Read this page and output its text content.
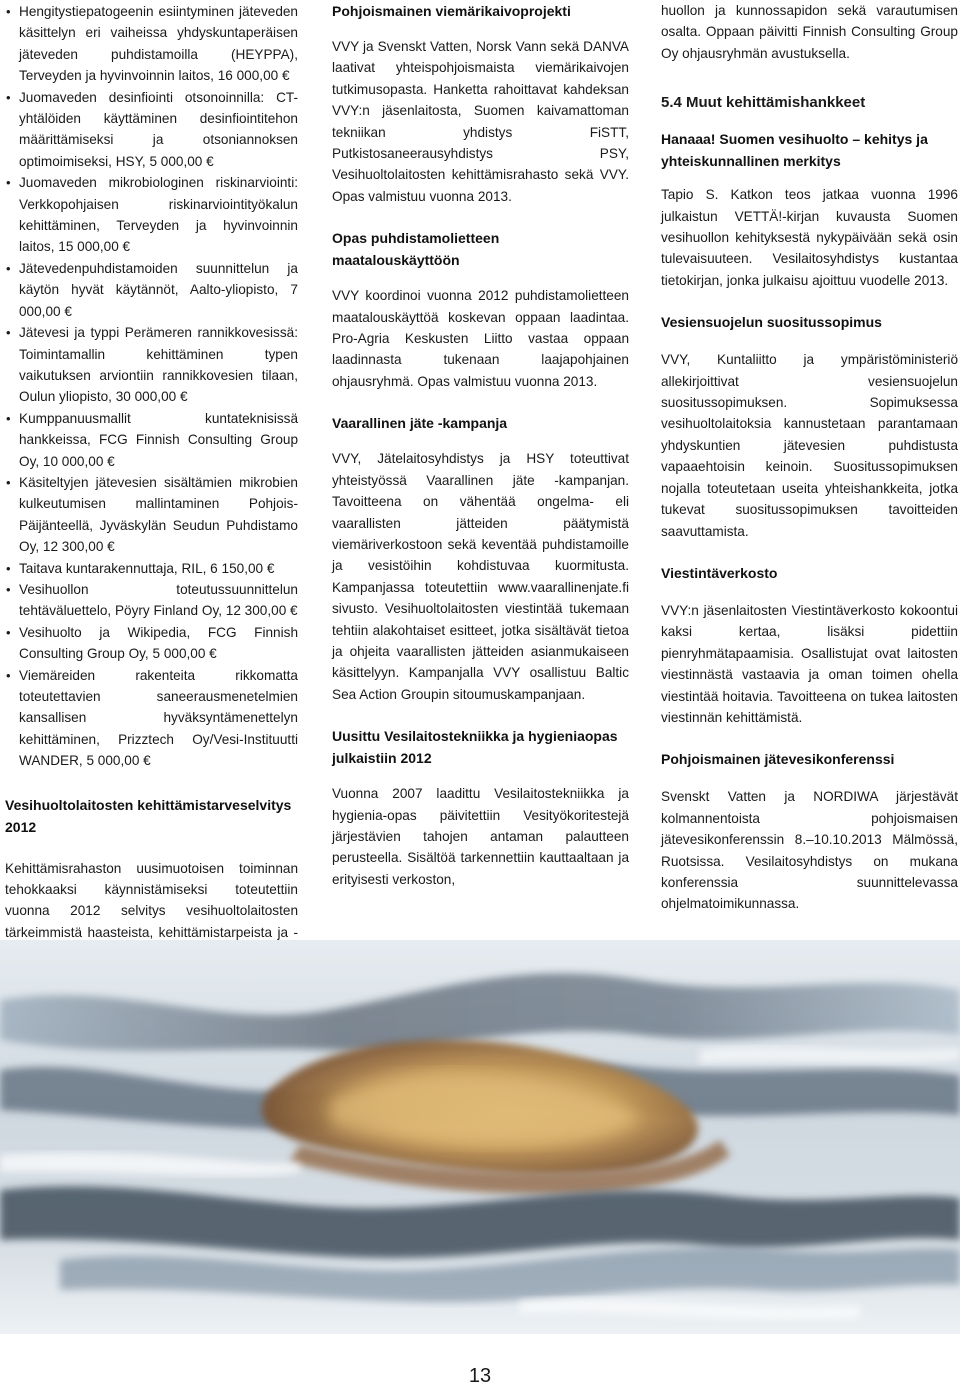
• Hengitystiepatogeenin esiintyminen jäteveden käsittelyn eri vaiheissa yhdyskuntaperäisen jäteveden puhdistamoilla (HEYPPA), Terveyden ja hyvinvoinnin laitos, 16 000,00 €
• Juomaveden desinfiointi otsonoinnilla: CT-yhtälöiden käyttäminen desinfiointitehon määrittämiseksi ja otsoniannoksen optimoimiseksi, HSY, 5 000,00 €
• Juomaveden mikrobiologinen riskinarviointi: Verkkopohjaisen riskinarviointityökalun kehittäminen, Terveyden ja hyvinvoinnin laitos, 15 000,00 €
• Jätevedenpuhdistamoiden suunnittelun ja käytön hyvät käytännöt, Aalto-yliopisto, 7 000,00 €
• Jätevesi ja typpi Perämeren rannikkovesissä: Toimintamallin kehittäminen typen vaikutuksen arviontiin rannikkovesien tilaan, Oulun yliopisto, 30 000,00 €
• Kumppanuusmallit kuntateknisissä hankkeissa, FCG Finnish Consulting Group Oy, 10 000,00 €
• Käsiteltyjen jätevesien sisältämien mikrobien kulkeutumisen mallintaminen Pohjois-Päijänteellä, Jyväskylän Seudun Puhdistamo Oy, 12 300,00 €
• Taitava kuntarakennuttaja, RIL, 6 150,00 €
• Vesihuollon toteutussuunnittelun tehtäväluettelo, Pöyry Finland Oy, 12 300,00 €
• Vesihuolto ja Wikipedia, FCG Finnish Consulting Group Oy, 5 000,00 €
• Viemäreiden rakenteita rikkomatta toteutettavien saneerausmenetelmien kansallisen hyväksyntämenettelyn kehittäminen, Prizztech Oy/Vesi-Instituutti WANDER, 5 000,00 €
Vesihuoltolaitosten kehittämistarveselvitys 2012

Kehittämisrahaston uusimuotoisen toiminnan tehokkaaksi käynnistämiseksi toteutettiin vuonna 2012 selvitys vesihuoltolaitosten tärkeimmistä haasteista, kehittämistarpeista ja -

Pohjoismainen viemärikaivoprojekti

VVY ja Svenskt Vatten, Norsk Vann sekä DANVA laativat yhteispohjoismaista viemärikaivojen tutkimusopasta. Hanketta rahoittavat kahdeksan VVY:n jäsenlaitosta, Suomen kaivamattoman tekniikan yhdistys FiSTT, Putkistosaneerausyhdistys PSY, Vesihuoltolaitosten kehittämisrahasto sekä VVY. Opas valmistuu vuonna 2013.

Opas puhdistamolietteen maatalouskäyttöön

VVY koordinoi vuonna 2012 puhdistamolietteen maatalouskäyttöä koskevan oppaan laadintaa. Pro-Agria Keskusten Liitto vastaa oppaan laadinnasta tukenaan laajapohjainen ohjausryhmä. Opas valmistuu vuonna 2013.

Vaarallinen jäte -kampanja

VVY, Jätelaitosyhdistys ja HSY toteuttivat yhteistyössä Vaarallinen jäte -kampanjan. Tavoitteena on vähentää ongelma- eli vaarallisten jätteiden päätymistä viemäriverkostoon sekä keventää puhdistamoille ja vesistöihin kohdistuvaa kuormitusta. Kampanjassa toteutettiin www.vaarallinenjate.fi sivusto. Vesihuoltolaitosten viestintää tukemaan tehtiin alakohtaiset esitteet, jotka sisältävät tietoa ja ohjeita vaarallisten jätteiden asianmukaiseen käsittelyyn. Kampanjalla VVY osallistuu Baltic Sea Action Groupin sitoumuskampanjaan.

Uusittu Vesilaitostekniikka ja hygieniaopas julkaistiin 2012

Vuonna 2007 laadittu Vesilaitostekniikka ja hygienia-opas päivitettiin Vesityökoritestejä järjestävien tahojen antaman palautteen perusteella. Sisältöä tarkennettiin kauttaaltaan ja erityisesti verkoston,

huollon ja kunnossapidon sekä varautumisen osalta. Oppaan päivitti Finnish Consulting Group Oy ohjausryhmän avustuksella.

5.4 Muut kehittämishankkeet
Hanaaa! Suomen vesihuolto – kehitys ja yhteiskunnallinen merkitys

Tapio S. Katkon teos jatkaa vuonna 1996 julkaistun VETTÄ!-kirjan kuvausta Suomen vesihuollon kehityksestä nykypäivään sekä osin tulevaisuuteen. Vesilaitosyhdistys kustantaa tietokirjan, jonka julkaisu ajoittuu vuodelle 2013.

Vesiensuojelun suositussopimus

VVY, Kuntaliitto ja ympäristöministeriö allekirjoittivat vesiensuojelun suositussopimuksen. Sopimuksessa vesihuoltolaitoksia kannustetaan parantamaan yhdyskuntien jätevesien puhdistusta vapaaehtoisin keinoin. Suositussopimuksen nojalla toteutetaan useita yhteishankkeita, jotka tukevat suositussopimuksen tavoitteiden saavuttamista.

Viestintäverkosto

VVY:n jäsenlaitosten Viestintäverkosto kokoontui kaksi kertaa, lisäksi pidettiin pienryhmätapaamisia. Osallistujat ovat laitosten viestinnästä vastaavia ja oman toimen ohella viestintää hoitavia. Tavoitteena on tukea laitosten viestinnän kehittämistä.

Pohjoismainen jätevesikonferenssi

Svenskt Vatten ja NORDIWA järjestävät kolmannentoista pohjoismaisen jätevesikonferenssin 8.–10.10.2013 Mälmössä, Ruotsissa. Vesilaitosyhdistys on mukana konferenssia suunnittelevassa ohjelmatoimikunnassa.

13
